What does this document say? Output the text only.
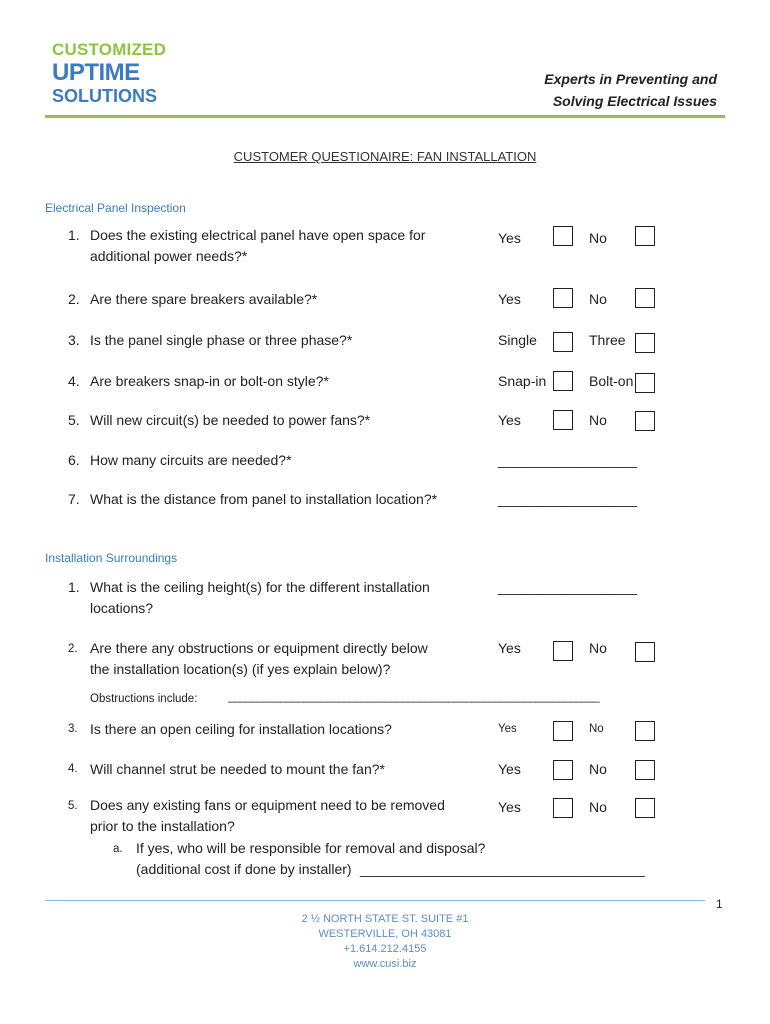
CUSTOMIZED
UPTIME
SOLUTIONS
Experts in Preventing and
Solving Electrical Issues
CUSTOMER QUESTIONAIRE: FAN INSTALLATION
Electrical Panel Inspection
1. Does the existing electrical panel have open space for
additional power needs?*
Yes	No
2. Are there spare breakers available?*	Yes	No
3. Is the panel single phase or three phase?*	Single	Three
4. Are breakers snap-in or bolt-on style?*	Snap-in	Bolt-on
5. Will new circuit(s) be needed to power fans?*	Yes	No
6. How many circuits are needed?*	___________________
7. What is the distance from panel to installation location?*	___________________
Installation Surroundings
1. What is the ceiling height(s) for the different installation
locations?
___________________
2. Are there any obstructions or equipment directly below
the installation location(s) (if yes explain below)?
Yes	No
Obstructions include:	________________________________________________________________
3. Is there an open ceiling for installation locations?	Yes	No
4. Will channel strut be needed to mount the fan?*	Yes	No
5. Does any existing fans or equipment need to be removed
prior to the installation?
Yes	No
a. If yes, who will be responsible for removal and disposal?
(additional cost if done by installer) _______________________________________
1
2 ½ NORTH STATE ST. SUITE #1
WESTERVILLE, OH 43081
+1.614.212.4155
www.cusi.biz
